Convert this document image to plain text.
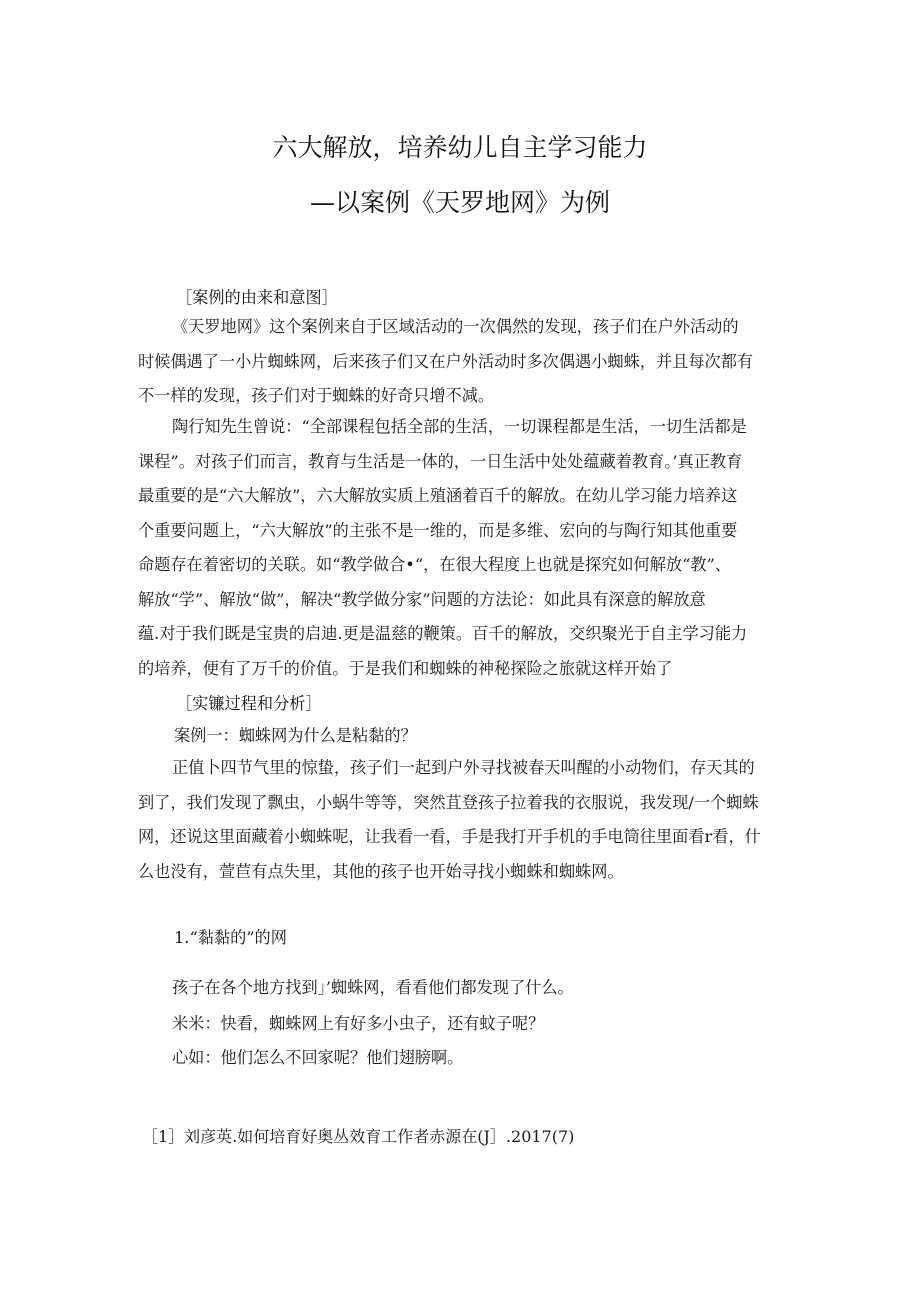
六大解放，培养幼儿自主学习能力
—以案例《天罗地网》为例
［案例的由来和意图］
《天罗地网》这个案例来自于区域活动的一次偶然的发现，孩子们在户外活动的
时候偶遇了一小片蜘蛛网，后来孩子们又在户外活动时多次偶遇小蜘蛛，并且每次都有
不一样的发现，孩子们对于蜘蛛的好奇只增不减。
陶行知先生曾说：“全部课程包括全部的生活，一切课程都是生活，一切生活都是
课程”。对孩子们而言，教育与生活是一体的，一日生活中处处蕴藏着教育。’真正教育
最重要的是“六大解放”，六大解放实质上殖涵着百千的解放。在幼儿学习能力培养这
个重要问题上，“六大解放”的主张不是一维的，而是多维、宏向的与陶行知其他重要
命题存在着密切的关联。如“教学做合•“，在很大程度上也就是探究如何解放“教”、
解放“学”、解放“做”，解决“教学做分家”问题的方法论：如此具有深意的解放意
蕴.对于我们既是宝贵的启迪.更是温慈的鞭策。百千的解放，交织聚光于自主学习能力
的培养，便有了万千的价值。于是我们和蜘蛛的神秘探险之旅就这样开始了
［实镰过程和分析］
案例一：蜘蛛网为什么是粘黏的？
正值卜四节气里的惊蛰，孩子们一起到户外寻找被春天叫醒的小动物们，存天其的
到了，我们发现了飘虫，小蜗牛等等，突然苴登孩子拉着我的衣服说，我发现/一个蜘蛛
网，还说这里面藏着小蜘蛛呢，让我看一看，手是我打开手机的手电筒往里面看r看，什
么也没有，萱苣有点失里，其他的孩子也开始寻找小蜘蛛和蜘蛛网。
1.“黏黏的”的网
孩子在各个地方找到」’蜘蛛网，看看他们都发现了什么。
米米：快看，蜘蛛网上有好多小虫子，还有蚊子呢？
心如：他们怎么不回家呢？他们翅膀啊。
［1］刘彦英.如何培育好奥丛效育工作者赤源在(J］.2017(7)
